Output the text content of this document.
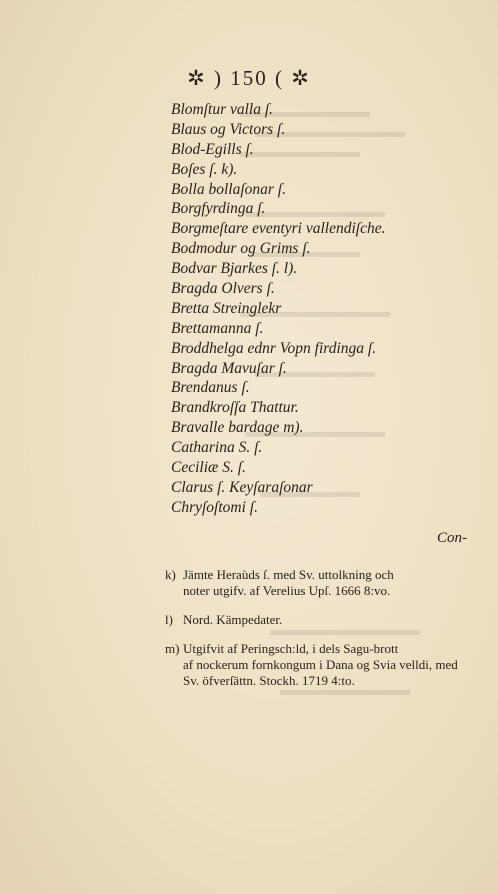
✲ ) 150 ( ✲
Blomſtur valla ſ.
Blaus og Victors ſ.
Blod-Egills ſ.
Boſes ſ. k).
Bolla bollaſonar ſ.
Borgfyrdinga ſ.
Borgmeſtare eventyri vallendiſche.
Bodmodur og Grims ſ.
Bodvar Bjarkes ſ. l).
Bragda Olvers ſ.
Bretta Streinglekr
Brettamanna ſ.
Broddhelga ednr Vopn firdinga ſ.
Bragda Mavuſar ſ.
Brendanus ſ.
Brandkroſſa Thattur.
Bravalle bardage m).
Catharina S. ſ.
Ceciliæ S. ſ.
Clarus ſ. Keyſaraſonar
Chryſoſtomi ſ.
Con-
k) Jämte Heraùds ſ. med Sv. uttolkning och
noter utgifv. af Verelius Upſ. 1666 8:vo.
l) Nord. Kämpedater.
m) Utgifvit af Peringsch:ld, i dels Sagu-brott
af nockerum fornkongum i Dana og Svia velldi, med Sv. öfverſättn. Stockh. 1719 4:to.
